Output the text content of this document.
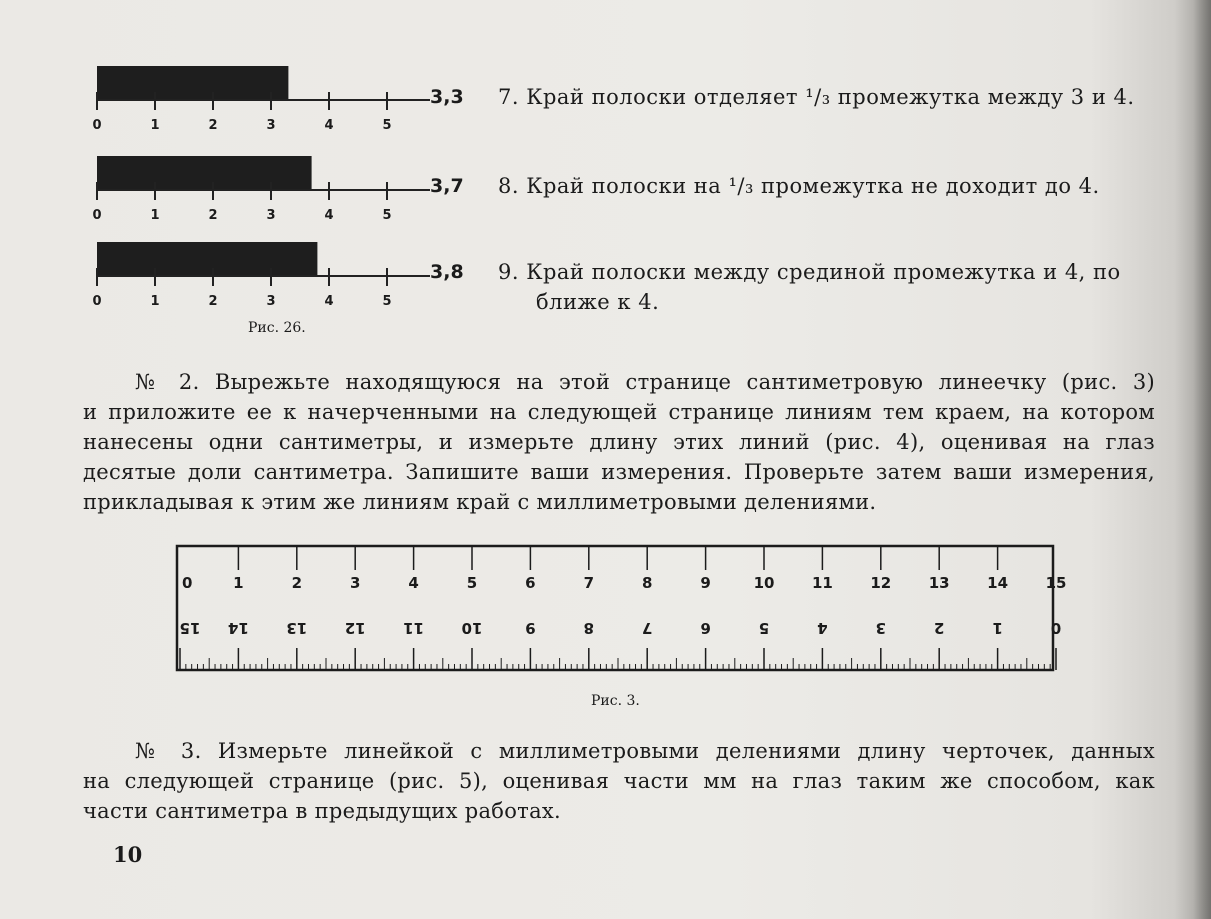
0	1	2	3	4	5
3,3 7. Край полоски отделяет ¹/₃ промежутка между 3 и 4.
0	1	2	3	4	5
3,7 8. Край полоски на ¹/₃ промежутка не доходит до 4.
0	1	2	3	4	5
3,8 9. Край полоски между срединой промежутка и 4, по
ближе к 4.
Рис. 26.
№ 2. Вырежьте находящуюся на этой странице сантиметровую линеечку (рис. 3)
и приложите ее к начерченными на следующей странице линиям тем краем, на котором
нанесены одни сантиметры, и измерьте длину этих линий (рис. 4), оценивая на глаз
десятые доли сантиметра. Запишите ваши измерения. Проверьте затем ваши измерения,
прикладывая к этим же линиям край с миллиметровыми делениями.
0	1	2	3	4	5	6	7	8	9	10	11	12	13	14	15
15 14	13	12	11	10	9	8	7	6	5	4	3	2	1	0
Рис. 3.
№ 3. Измерьте линейкой с миллиметровыми делениями длину черточек, данных
на следующей странице (рис. 5), оценивая части мм на глаз таким же способом, как
части сантиметра в предыдущих работах.
10
